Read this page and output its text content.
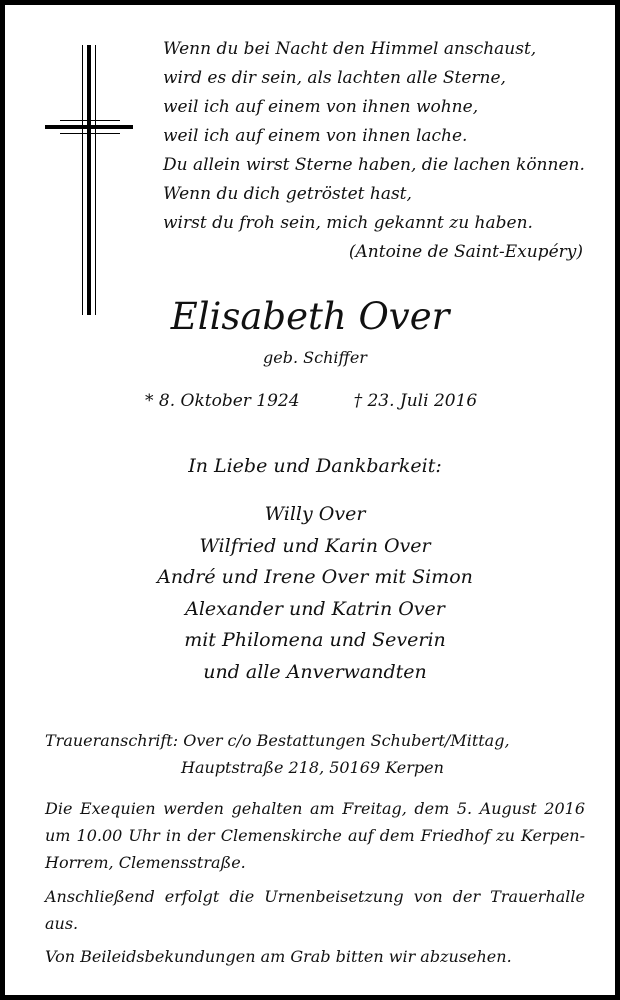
Wenn du bei Nacht den Himmel anschaust,
wird es dir sein, als lachten alle Sterne,
weil ich auf einem von ihnen wohne,
weil ich auf einem von ihnen lache.
Du allein wirst Sterne haben, die lachen können.
Wenn du dich getröstet hast,
wirst du froh sein, mich gekannt zu haben.
(Antoine de Saint-Exupéry)
Elisabeth Over
geb. Schiffer
* 8. Oktober 1924	† 23. Juli 2016
In Liebe und Dankbarkeit:
Willy Over
Wilfried und Karin Over
André und Irene Over mit Simon
Alexander und Katrin Over
mit Philomena und Severin
und alle Anverwandten
Traueranschrift: Over c/o Bestattungen Schubert/Mittag,
Hauptstraße 218, 50169 Kerpen
Die Exequien werden gehalten am Freitag, dem 5. August 2016 um 10.00 Uhr in der Clemenskirche auf dem Friedhof zu Kerpen-Horrem, Clemensstraße.
Anschließend erfolgt die Urnenbeisetzung von der Trauerhalle aus.
Von Beileidsbekundungen am Grab bitten wir abzusehen.
